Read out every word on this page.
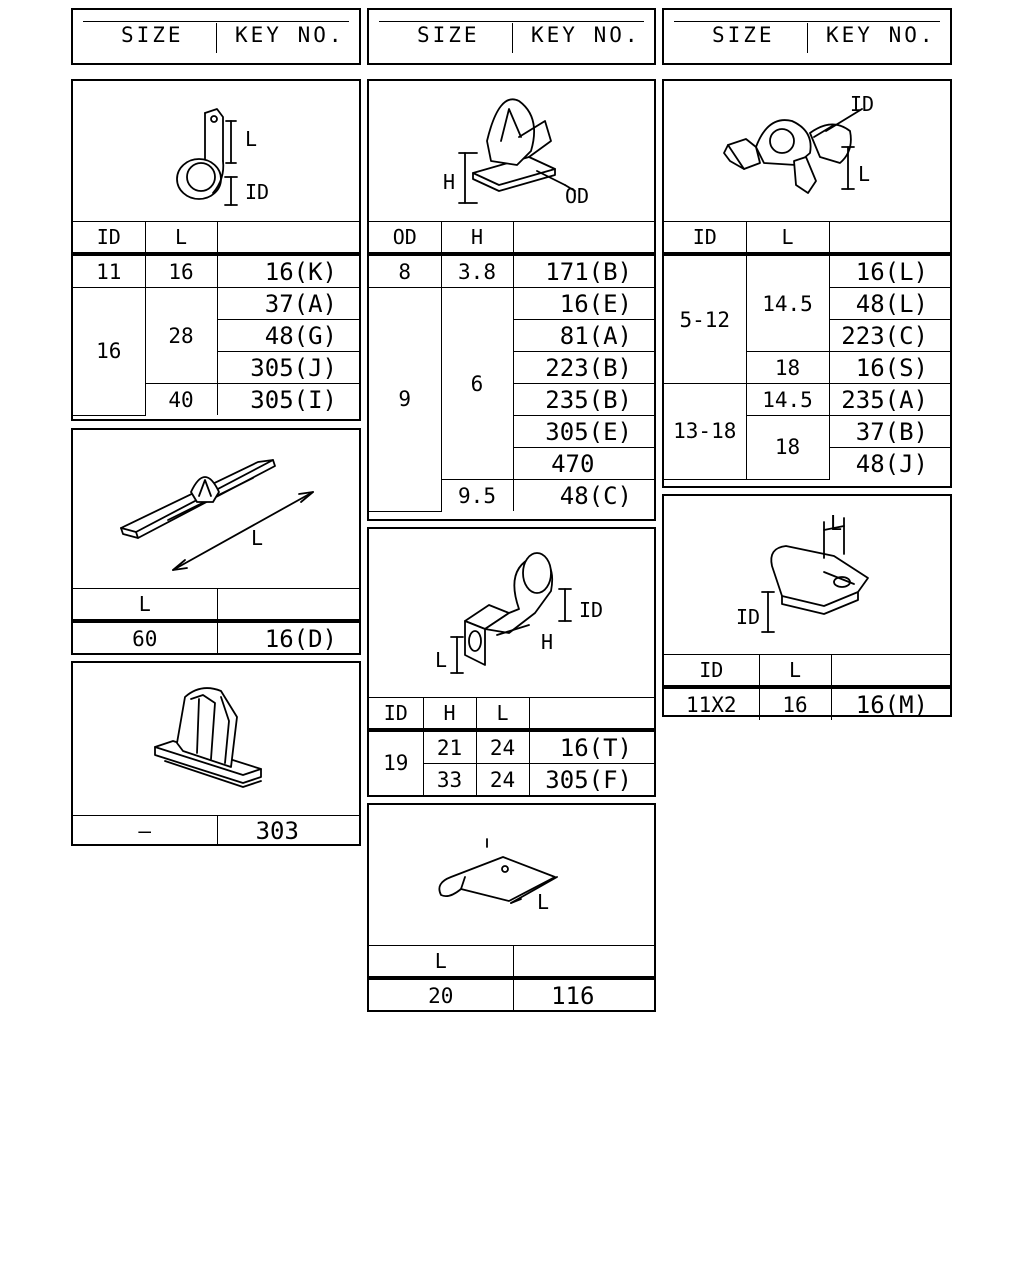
SIZE KEY NO.	SIZE KEY NO.	SIZE KEY NO.
L
ID
ID	L	
11	16	16(K)
16	28	37(A)
		48(G)
		305(J)
	40	305(I)
L
L	
60	16(D)
—	303
H
OD
OD	H	
8	3.8	171(B)
9	6	16(E)
		81(A)
		223(B)
		235(B)
		305(E)
		470
	9.5	48(C)
ID
L
H
ID	H	L	
19	21	24	16(T)
	33	24	305(F)
L
L	
20	116
ID
L
ID	L	
5-12	14.5	16(L)
		48(L)
		223(C)
	18	16(S)
13-18	14.5	235(A)
	18	37(B)
		48(J)
L
ID
ID	L	
11X2	16	16(M)
